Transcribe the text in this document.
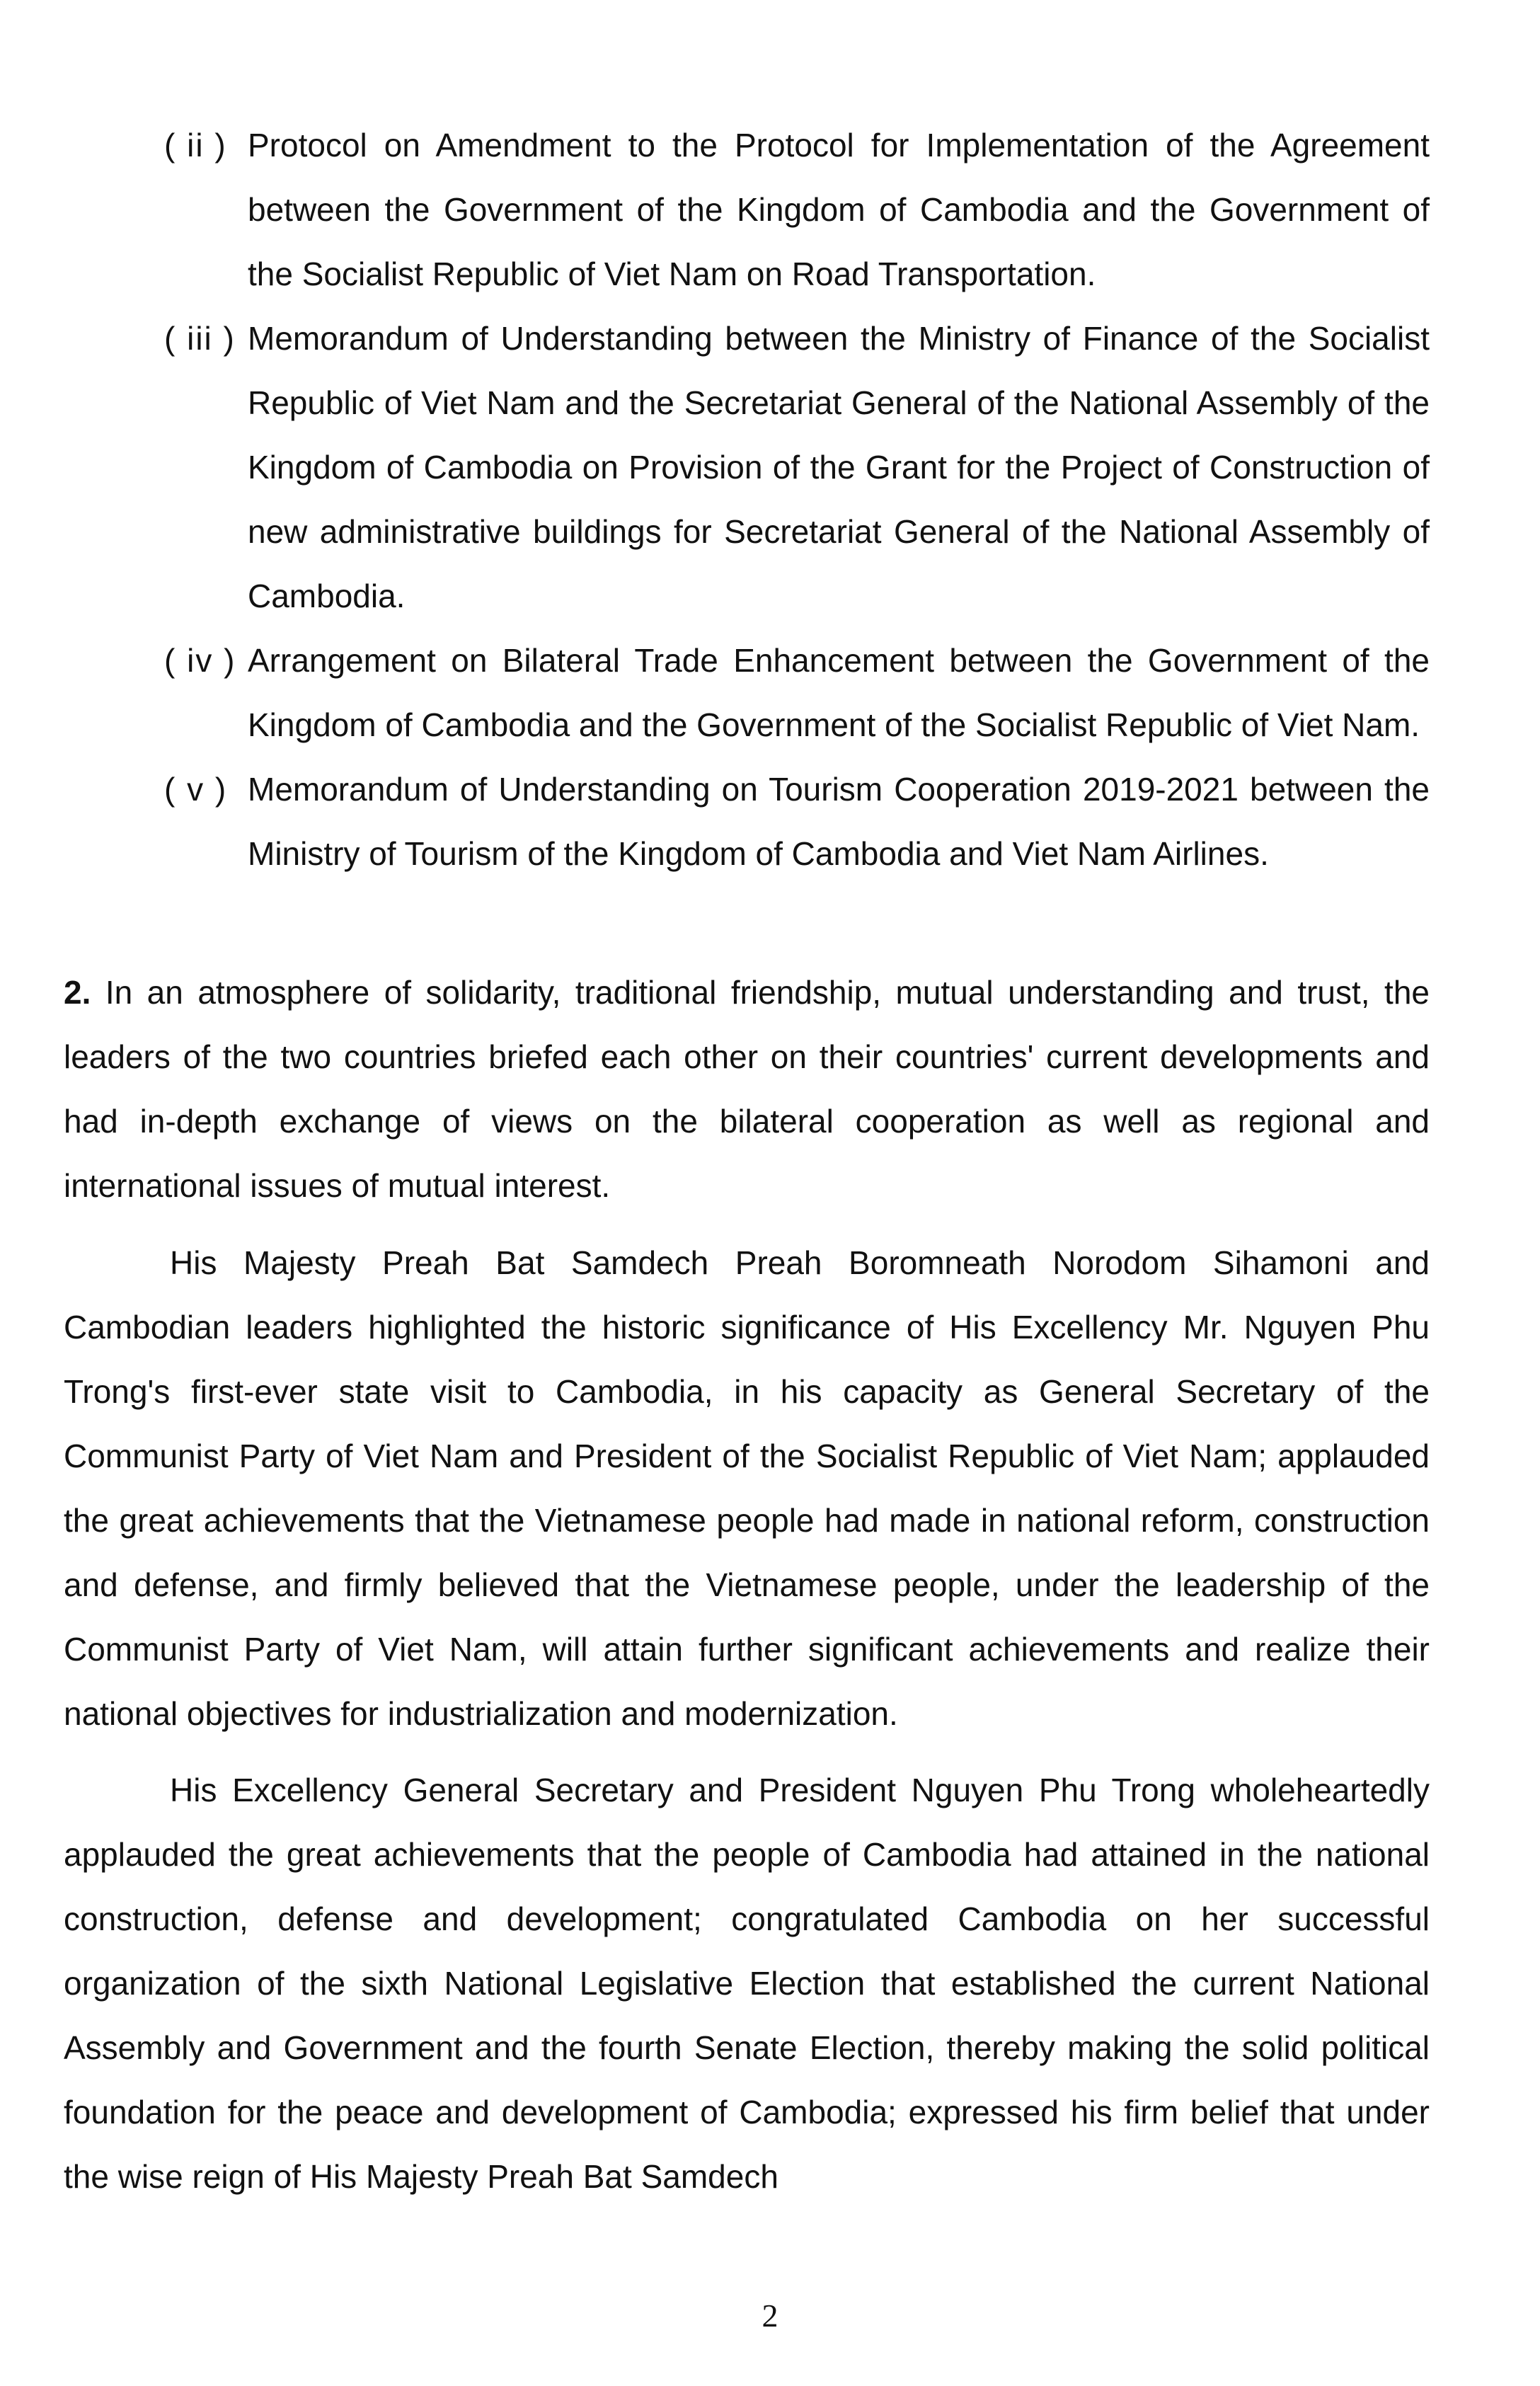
( ii ) Protocol on Amendment to the Protocol for Implementation of the Agreement between the Government of the Kingdom of Cambodia and the Government of the Socialist Republic of Viet Nam on Road Transportation.
( iii ) Memorandum of Understanding between the Ministry of Finance of the Socialist Republic of Viet Nam and the Secretariat General of the National Assembly of the Kingdom of Cambodia on Provision of the Grant for the Project of Construction of new administrative buildings for Secretariat General of the National Assembly of Cambodia.
( iv ) Arrangement on Bilateral Trade Enhancement between the Government of the Kingdom of Cambodia and the Government of the Socialist Republic of Viet Nam.
( v ) Memorandum of Understanding on Tourism Cooperation 2019-2021 between the Ministry of Tourism of the Kingdom of Cambodia and Viet Nam Airlines.
2. In an atmosphere of solidarity, traditional friendship, mutual understanding and trust, the leaders of the two countries briefed each other on their countries' current developments and had in-depth exchange of views on the bilateral cooperation as well as regional and international issues of mutual interest.
His Majesty Preah Bat Samdech Preah Boromneath Norodom Sihamoni and Cambodian leaders highlighted the historic significance of His Excellency Mr. Nguyen Phu Trong's first-ever state visit to Cambodia, in his capacity as General Secretary of the Communist Party of Viet Nam and President of the Socialist Republic of Viet Nam; applauded the great achievements that the Vietnamese people had made in national reform, construction and defense, and firmly believed that the Vietnamese people, under the leadership of the Communist Party of Viet Nam, will attain further significant achievements and realize their national objectives for industrialization and modernization.
His Excellency General Secretary and President Nguyen Phu Trong wholeheartedly applauded the great achievements that the people of Cambodia had attained in the national construction, defense and development; congratulated Cambodia on her successful organization of the sixth National Legislative Election that established the current National Assembly and Government and the fourth Senate Election, thereby making the solid political foundation for the peace and development of Cambodia; expressed his firm belief that under the wise reign of His Majesty Preah Bat Samdech
2
